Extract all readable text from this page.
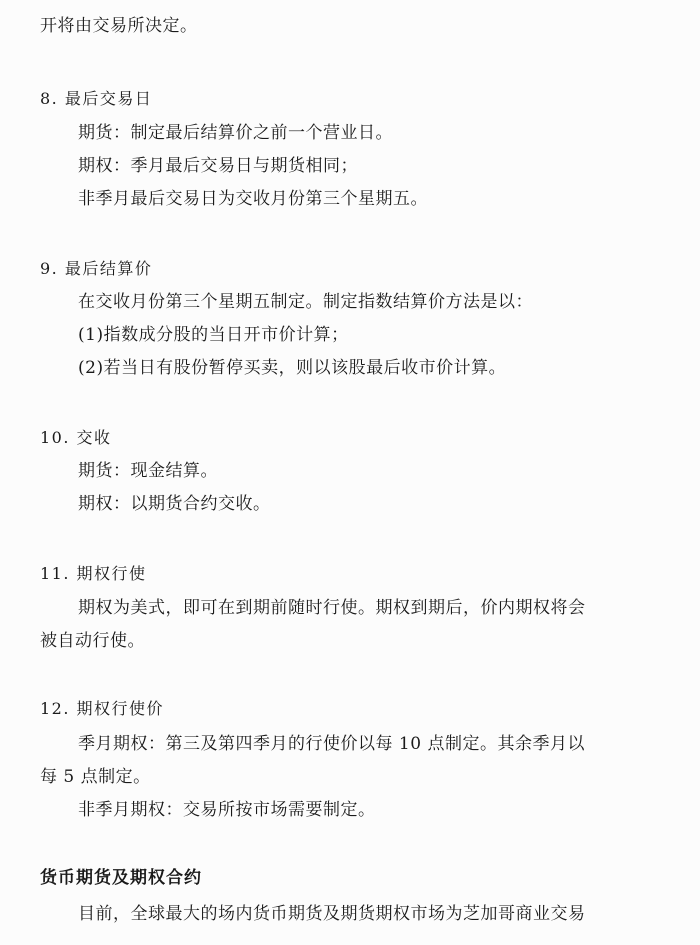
开将由交易所决定。
8. 最后交易日
期货：制定最后结算价之前一个营业日。
期权：季月最后交易日与期货相同；
非季月最后交易日为交收月份第三个星期五。
9. 最后结算价
在交收月份第三个星期五制定。制定指数结算价方法是以：
(1)指数成分股的当日开市价计算；
(2)若当日有股份暂停买卖，则以该股最后收市价计算。
10. 交收
期货：现金结算。
期权：以期货合约交收。
11. 期权行使
期权为美式，即可在到期前随时行使。期权到期后，价内期权将会
被自动行使。
12. 期权行使价
季月期权：第三及第四季月的行使价以每 10 点制定。其余季月以
每 5 点制定。
非季月期权：交易所按市场需要制定。
货币期货及期权合约
目前，全球最大的场内货币期货及期货期权市场为芝加哥商业交易
